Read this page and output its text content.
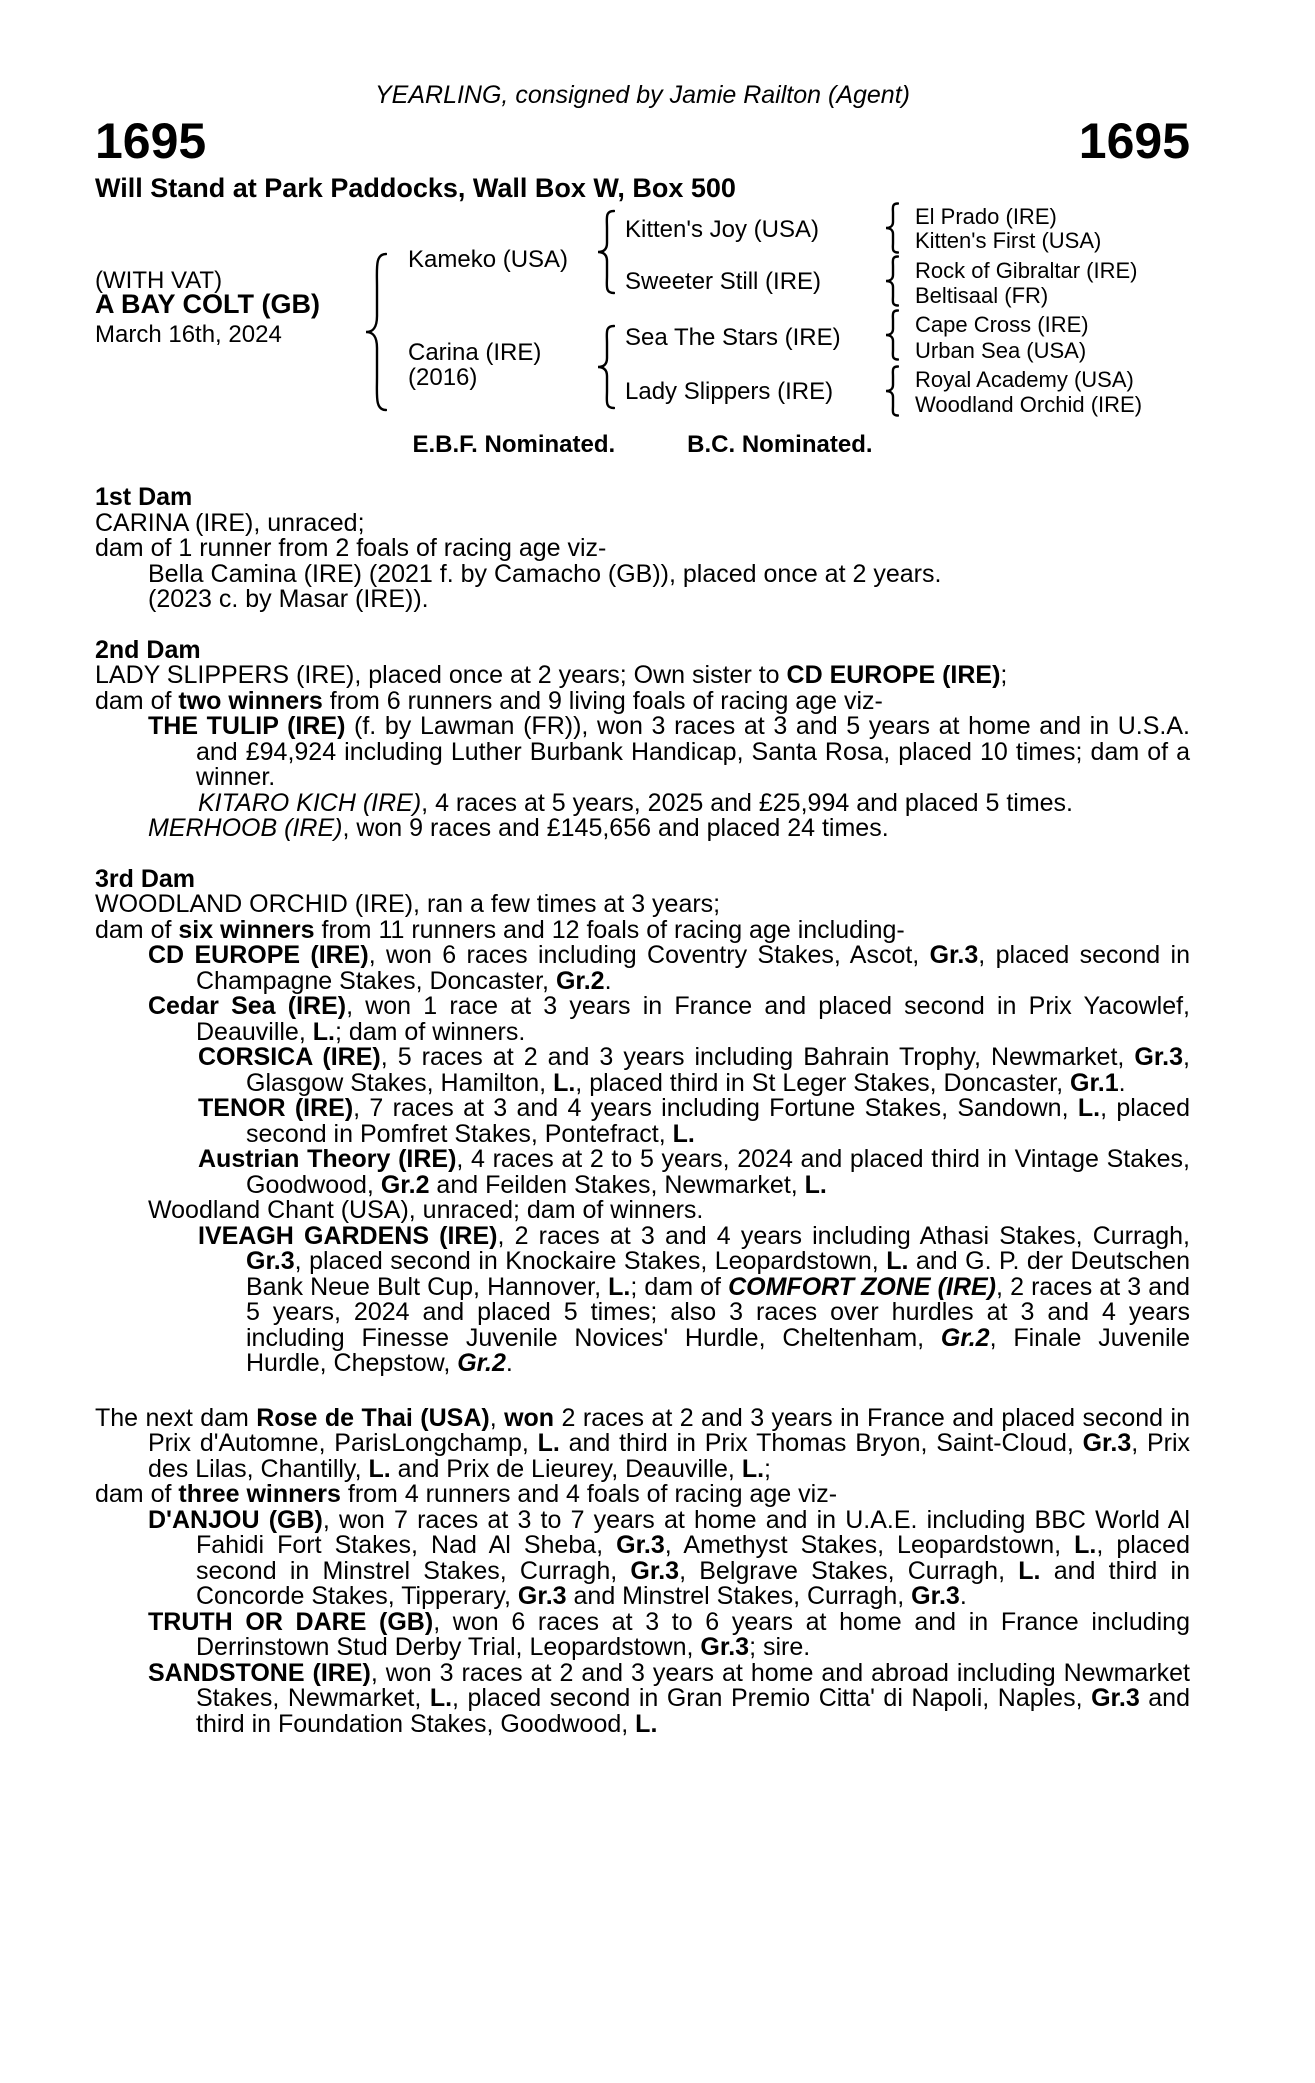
YEARLING, consigned by Jamie Railton (Agent)
1695	1695
Will Stand at Park Paddocks, Wall Box W, Box 500
(WITH VAT)
A BAY COLT (GB)
March 16th, 2024
Kameko (USA)
Carina (IRE)
(2016)
Kitten's Joy (USA)
Sweeter Still (IRE)
Sea The Stars (IRE)
Lady Slippers (IRE)
El Prado (IRE)
Kitten's First (USA)
Rock of Gibraltar (IRE)
Beltisaal (FR)
Cape Cross (IRE)
Urban Sea (USA)
Royal Academy (USA)
Woodland Orchid (IRE)
E.B.F. Nominated.	B.C. Nominated.
1st Dam
CARINA (IRE), unraced;
dam of 1 runner from 2 foals of racing age viz-
Bella Camina (IRE) (2021 f. by Camacho (GB)), placed once at 2 years.
(2023 c. by Masar (IRE)).
2nd Dam
LADY SLIPPERS (IRE), placed once at 2 years; Own sister to CD EUROPE (IRE);
dam of two winners from 6 runners and 9 living foals of racing age viz-
THE TULIP (IRE) (f. by Lawman (FR)), won 3 races at 3 and 5 years at home and in U.S.A. and £94,924 including Luther Burbank Handicap, Santa Rosa, placed 10 times; dam of a winner.
KITARO KICH (IRE), 4 races at 5 years, 2025 and £25,994 and placed 5 times.
MERHOOB (IRE), won 9 races and £145,656 and placed 24 times.
3rd Dam
WOODLAND ORCHID (IRE), ran a few times at 3 years;
dam of six winners from 11 runners and 12 foals of racing age including-
CD EUROPE (IRE), won 6 races including Coventry Stakes, Ascot, Gr.3, placed second in Champagne Stakes, Doncaster, Gr.2.
Cedar Sea (IRE), won 1 race at 3 years in France and placed second in Prix Yacowlef, Deauville, L.; dam of winners.
CORSICA (IRE), 5 races at 2 and 3 years including Bahrain Trophy, Newmarket, Gr.3, Glasgow Stakes, Hamilton, L., placed third in St Leger Stakes, Doncaster, Gr.1.
TENOR (IRE), 7 races at 3 and 4 years including Fortune Stakes, Sandown, L., placed second in Pomfret Stakes, Pontefract, L.
Austrian Theory (IRE), 4 races at 2 to 5 years, 2024 and placed third in Vintage Stakes, Goodwood, Gr.2 and Feilden Stakes, Newmarket, L.
Woodland Chant (USA), unraced; dam of winners.
IVEAGH GARDENS (IRE), 2 races at 3 and 4 years including Athasi Stakes, Curragh, Gr.3, placed second in Knockaire Stakes, Leopardstown, L. and G. P. der Deutschen Bank Neue Bult Cup, Hannover, L.; dam of COMFORT ZONE (IRE), 2 races at 3 and 5 years, 2024 and placed 5 times; also 3 races over hurdles at 3 and 4 years including Finesse Juvenile Novices' Hurdle, Cheltenham, Gr.2, Finale Juvenile Hurdle, Chepstow, Gr.2.
The next dam Rose de Thai (USA), won 2 races at 2 and 3 years in France and placed second in Prix d'Automne, ParisLongchamp, L. and third in Prix Thomas Bryon, Saint-Cloud, Gr.3, Prix des Lilas, Chantilly, L. and Prix de Lieurey, Deauville, L.;
dam of three winners from 4 runners and 4 foals of racing age viz-
D'ANJOU (GB), won 7 races at 3 to 7 years at home and in U.A.E. including BBC World Al Fahidi Fort Stakes, Nad Al Sheba, Gr.3, Amethyst Stakes, Leopardstown, L., placed second in Minstrel Stakes, Curragh, Gr.3, Belgrave Stakes, Curragh, L. and third in Concorde Stakes, Tipperary, Gr.3 and Minstrel Stakes, Curragh, Gr.3.
TRUTH OR DARE (GB), won 6 races at 3 to 6 years at home and in France including Derrinstown Stud Derby Trial, Leopardstown, Gr.3; sire.
SANDSTONE (IRE), won 3 races at 2 and 3 years at home and abroad including Newmarket Stakes, Newmarket, L., placed second in Gran Premio Citta' di Napoli, Naples, Gr.3 and third in Foundation Stakes, Goodwood, L.
